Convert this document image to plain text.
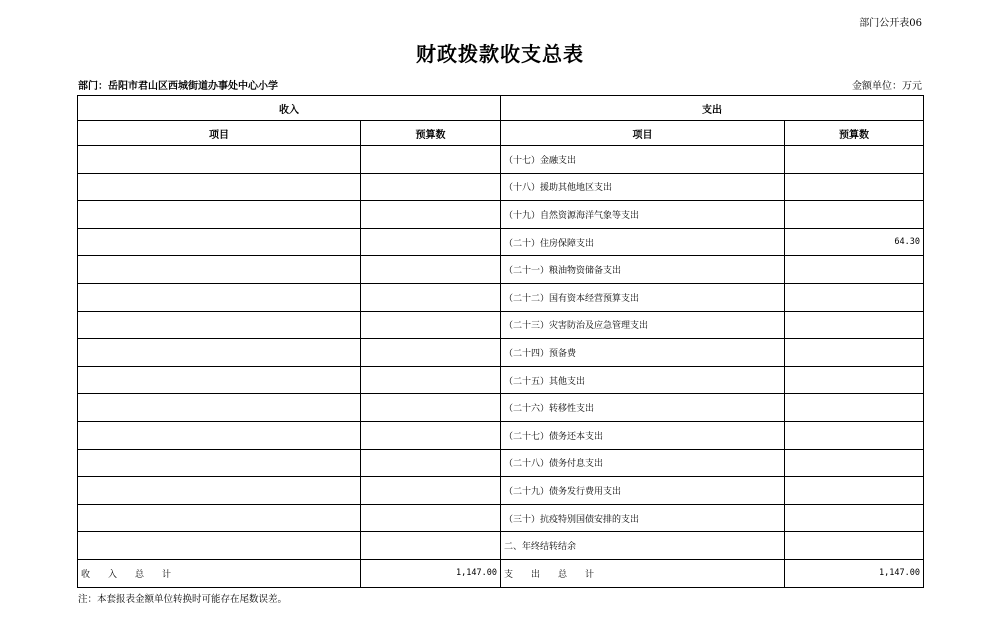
部门公开表06
财政拨款收支总表
部门：岳阳市君山区西城街道办事处中心小学	金额单位：万元
收入		支出	
项目	预算数	项目	预算数
		（十七）金融支出	
		（十八）援助其他地区支出	
		（十九）自然资源海洋气象等支出	
		（二十）住房保障支出	64.30
		（二十一）粮油物资储备支出	
		（二十二）国有资本经营预算支出	
		（二十三）灾害防治及应急管理支出	
		（二十四）预备费	
		（二十五）其他支出	
		（二十六）转移性支出	
		（二十七）债务还本支出	
		（二十八）债务付息支出	
		（二十九）债务发行费用支出	
		（三十）抗疫特别国债安排的支出	
		二、年终结转结余	
收　　入　　总　　计	1,147.00	支　　出　　总　　计	1,147.00
注：本套报表金额单位转换时可能存在尾数误差。
